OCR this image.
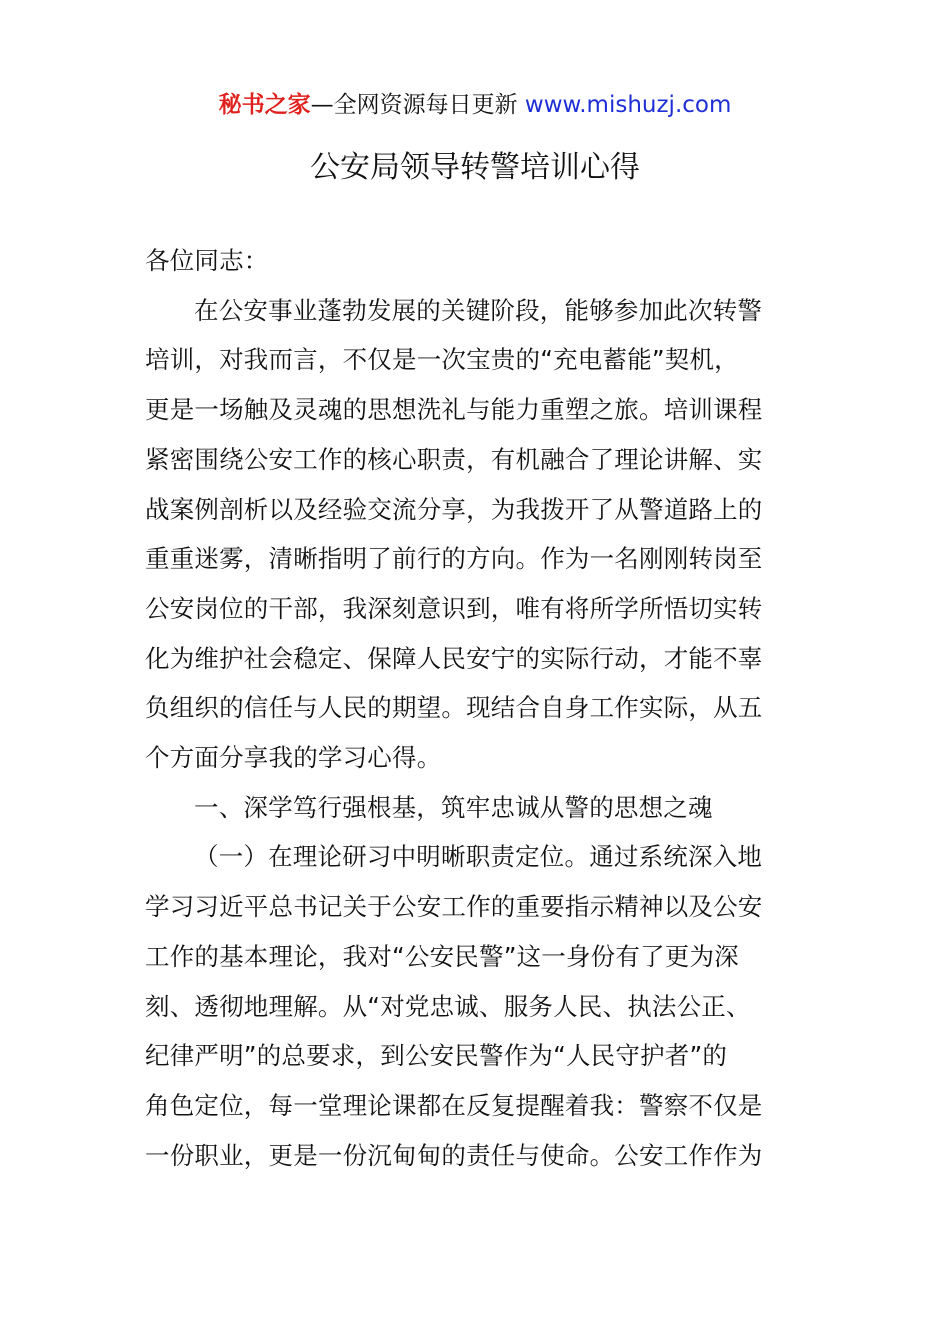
秘书之家—全网资源每日更新 www.mishuzj.com
公安局领导转警培训心得
各位同志：
在公安事业蓬勃发展的关键阶段，能够参加此次转警
培训，对我而言，不仅是一次宝贵的“充电蓄能”契机，
更是一场触及灵魂的思想洗礼与能力重塑之旅。培训课程
紧密围绕公安工作的核心职责，有机融合了理论讲解、实
战案例剖析以及经验交流分享，为我拨开了从警道路上的
重重迷雾，清晰指明了前行的方向。作为一名刚刚转岗至
公安岗位的干部，我深刻意识到，唯有将所学所悟切实转
化为维护社会稳定、保障人民安宁的实际行动，才能不辜
负组织的信任与人民的期望。现结合自身工作实际，从五
个方面分享我的学习心得。
一、深学笃行强根基，筑牢忠诚从警的思想之魂
（一）在理论研习中明晰职责定位。通过系统深入地
学习习近平总书记关于公安工作的重要指示精神以及公安
工作的基本理论，我对“公安民警”这一身份有了更为深
刻、透彻地理解。从“对党忠诚、服务人民、执法公正、
纪律严明”的总要求，到公安民警作为“人民守护者”的
角色定位，每一堂理论课都在反复提醒着我：警察不仅是
一份职业，更是一份沉甸甸的责任与使命。公安工作作为
